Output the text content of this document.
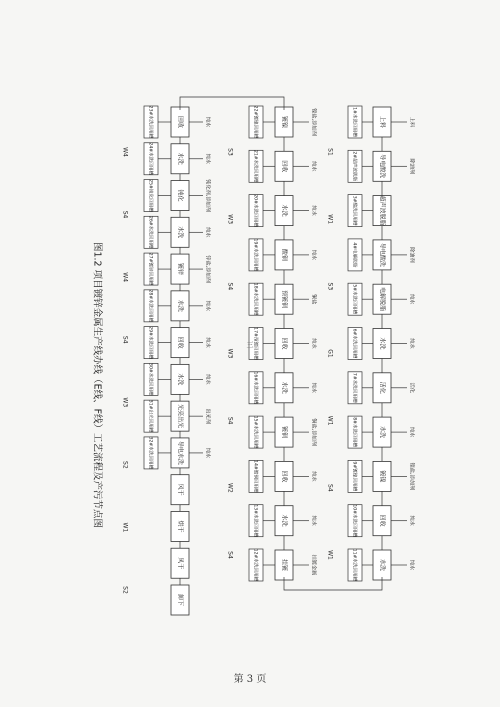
图1.2 项目镀锌金属生产线办线（E线、F线）工艺流程及产污节点图
上料
1#水洗回用槽	上料
导电酸洗
2#超声波脱脂	除油剂
超声波脱脂
3#酸洗回用槽
导电酸洗
4#电解脱脂	除油剂
电解脱脂
5#水洗回用槽	纯水
水洗
6#水洗回用槽	纯水
活化
7#水洗回用槽	活化
水洗
8#水洗回用槽	纯水
镀镍
9#镀镍回用槽	镍盐,添加剂
回收
10#水洗回用槽	纯水
水洗
11#水洗回用槽	纯水
S1
W1
S3
G1
W1
S4
W1
挂镀
12#水洗回用槽	挂镀金属
水洗
13#水洗回用槽	纯水
回收
14#镀铜回用槽	纯水
镀铜
15#水洗回用槽	铜盐,添加剂
水洗
16#水洗回用槽	纯水
回收
17#预镀回用槽	纯水
预镀铜
18#水洗回用槽	铜盐
酸铜
19#水洗回用槽	纯水
水洗
20#水洗回用槽	纯水
回收
21#水洗回用槽	纯水
镀镍
22#镀镍回用槽	镍盐,添加剂
S3
W3
S4
W3
S4
W2
S4
回收
23#水洗回用槽	纯水
水洗
24#水洗回用槽	纯水
钝化
25#钝化回用槽	钝化剂,添加剂
水洗
26#水洗回用槽	纯水
镀锌
27#镀锌回用槽	锌盐,添加剂
水洗
28#水洗回用槽	纯水
回收
29#水洗回用槽	纯水
水洗
30#水洗回用槽	纯水
光亮出光
31#出光回用槽	出光剂
导电水洗
32#水洗回用槽	纯水
风干
烘干
风干
卸下
W4
S4
W4
S4
W3
S2
W1
S2
三
第 3 页
